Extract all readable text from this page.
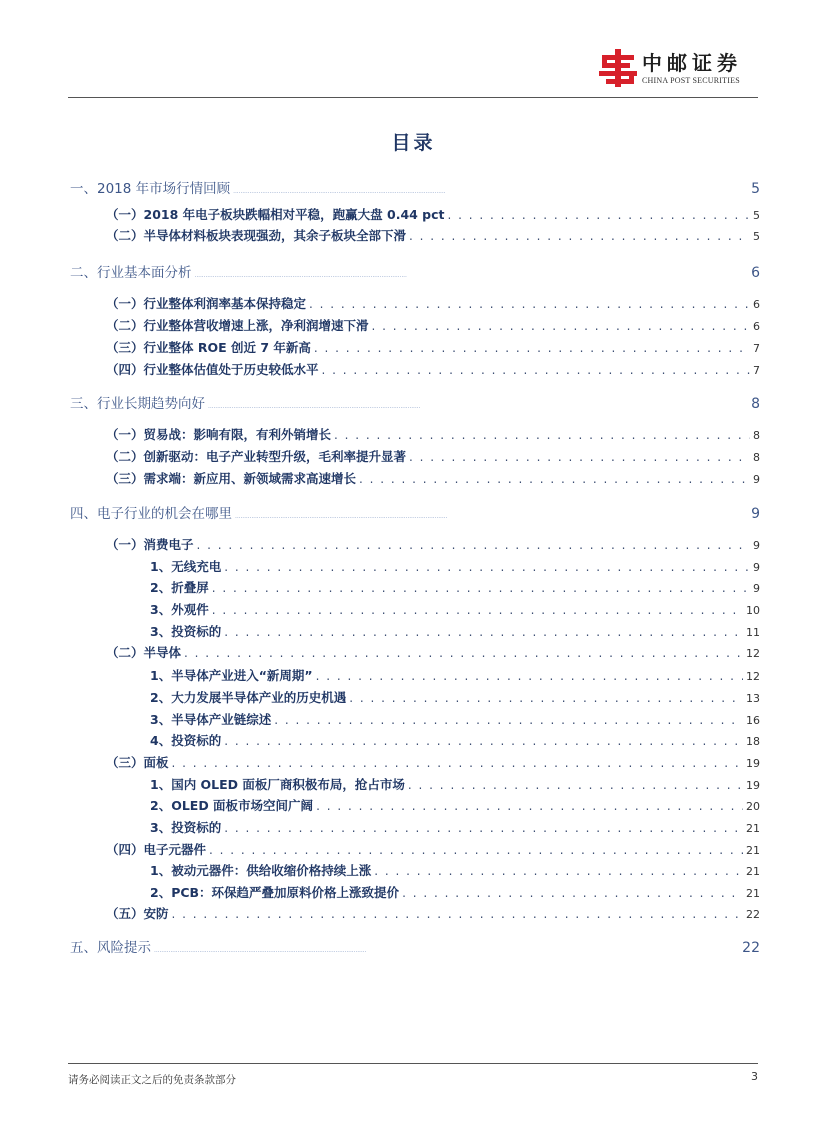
中邮证券
CHINA POST SECURITIES
目录
一、2018 年市场行情回顾 . . .	5
（一）2018 年电子板块跌幅相对平稳，跑赢大盘 0.44 pct . . .	5
（二）半导体材料板块表现强劲，其余子板块全部下滑 . . .	5
二、行业基本面分析 . . .	6
（一）行业整体利润率基本保持稳定 . . .	6
（二）行业整体营收增速上涨，净利润增速下滑 . . .	6
（三）行业整体 ROE 创近 7 年新高 . . .	7
（四）行业整体估值处于历史较低水平 . . .	7
三、行业长期趋势向好 . . .	8
（一）贸易战：影响有限，有利外销增长 . . .	8
（二）创新驱动：电子产业转型升级，毛利率提升显著 . . .	8
（三）需求端：新应用、新领域需求高速增长 . . .	9
四、电子行业的机会在哪里 . . .	9
（一）消费电子 . . .	9
1、无线充电 . . .	9
2、折叠屏 . . .	9
3、外观件 . . .	10
3、投资标的 . . .	11
（二）半导体 . . .	12
1、半导体产业进入“新周期” . . .	12
2、大力发展半导体产业的历史机遇 . . .	13
3、半导体产业链综述 . . .	16
4、投资标的 . . .	18
（三）面板 . . .	19
1、国内 OLED 面板厂商积极布局，抢占市场 . . .	19
2、OLED 面板市场空间广阔 . . .	20
3、投资标的 . . .	21
（四）电子元器件 . . .	21
1、被动元器件：供给收缩价格持续上涨 . . .	21
2、PCB：环保趋严叠加原料价格上涨致提价 . . .	21
（五）安防 . . .	22
五、风险提示 . . .	22
请务必阅读正文之后的免责条款部分	3
